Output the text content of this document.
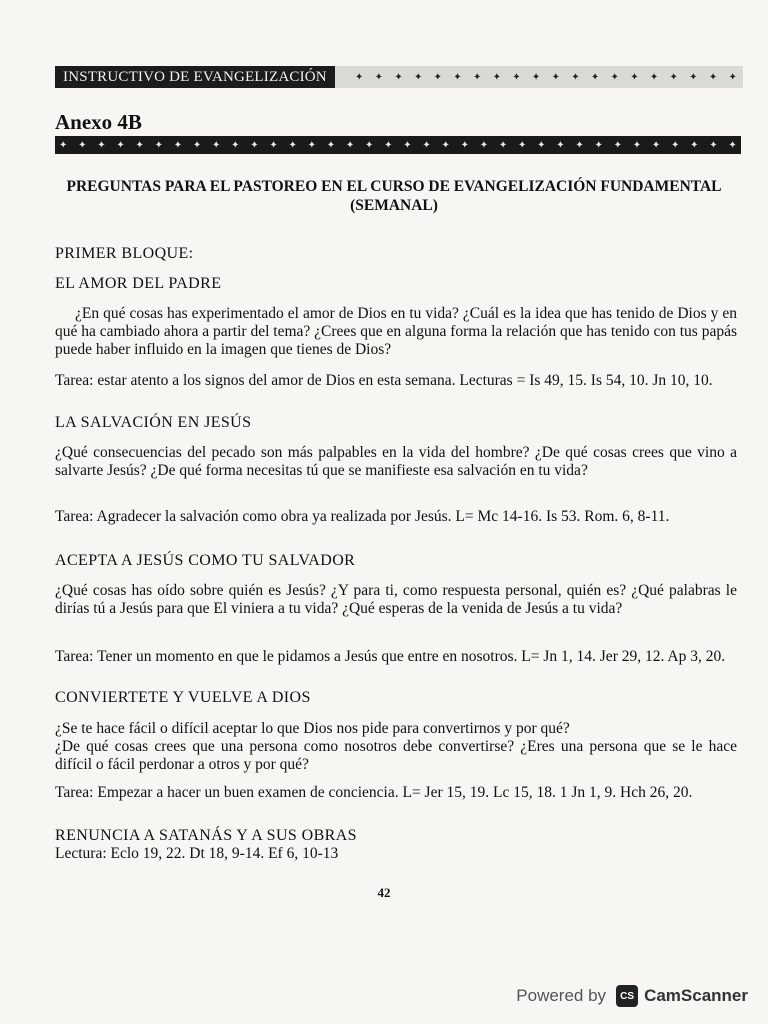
INSTRUCTIVO DE EVANGELIZACIÓN	✦ ✦ ✦ ✦ ✦ ✦ ✦ ✦ ✦ ✦ ✦ ✦ ✦ ✦ ✦ ✦ ✦ ✦ ✦ ✦
Anexo 4B
✦ ✦ ✦ ✦ ✦ ✦ ✦ ✦ ✦ ✦ ✦ ✦ ✦ ✦ ✦ ✦ ✦ ✦ ✦ ✦ ✦ ✦ ✦ ✦ ✦ ✦ ✦ ✦ ✦ ✦ ✦ ✦ ✦ ✦ ✦ ✦
PREGUNTAS PARA EL PASTOREO EN EL CURSO DE EVANGELIZACIÓN FUNDAMENTAL (SEMANAL)
PRIMER BLOQUE:
EL AMOR DEL PADRE
¿En qué cosas has experimentado el amor de Dios en tu vida? ¿Cuál es la idea que has tenido de Dios y en qué ha cambiado ahora a partir del tema? ¿Crees que en alguna forma la relación que has tenido con tus papás puede haber influido en la imagen que tienes de Dios?
Tarea: estar atento a los signos del amor de Dios en esta semana. Lecturas = Is 49, 15. Is 54, 10. Jn 10, 10.
LA SALVACIÓN EN JESÚS
¿Qué consecuencias del pecado son más palpables en la vida del hombre? ¿De qué cosas crees que vino a salvarte Jesús? ¿De qué forma necesitas tú que se manifieste esa salvación en tu vida?
Tarea: Agradecer la salvación como obra ya realizada por Jesús. L= Mc 14-16. Is 53. Rom. 6, 8-11.
ACEPTA A JESÚS COMO TU SALVADOR
¿Qué cosas has oído sobre quién es Jesús? ¿Y para ti, como respuesta personal, quién es? ¿Qué palabras le dirías tú a Jesús para que El viniera a tu vida? ¿Qué esperas de la venida de Jesús a tu vida?
Tarea: Tener un momento en que le pidamos a Jesús que entre en nosotros. L= Jn 1, 14. Jer 29, 12. Ap 3, 20.
CONVIERTETE Y VUELVE A DIOS
¿Se te hace fácil o difícil aceptar lo que Dios nos pide para convertirnos y por qué?
¿De qué cosas crees que una persona como nosotros debe convertirse? ¿Eres una persona que se le hace difícil o fácil perdonar a otros y por qué?
Tarea: Empezar a hacer un buen examen de conciencia. L= Jer 15, 19. Lc 15, 18. 1 Jn 1, 9. Hch 26, 20.
RENUNCIA A SATANÁS Y A SUS OBRAS
Lectura: Eclo 19, 22. Dt 18, 9-14. Ef 6, 10-13
42
Powered by	CS CamScanner
